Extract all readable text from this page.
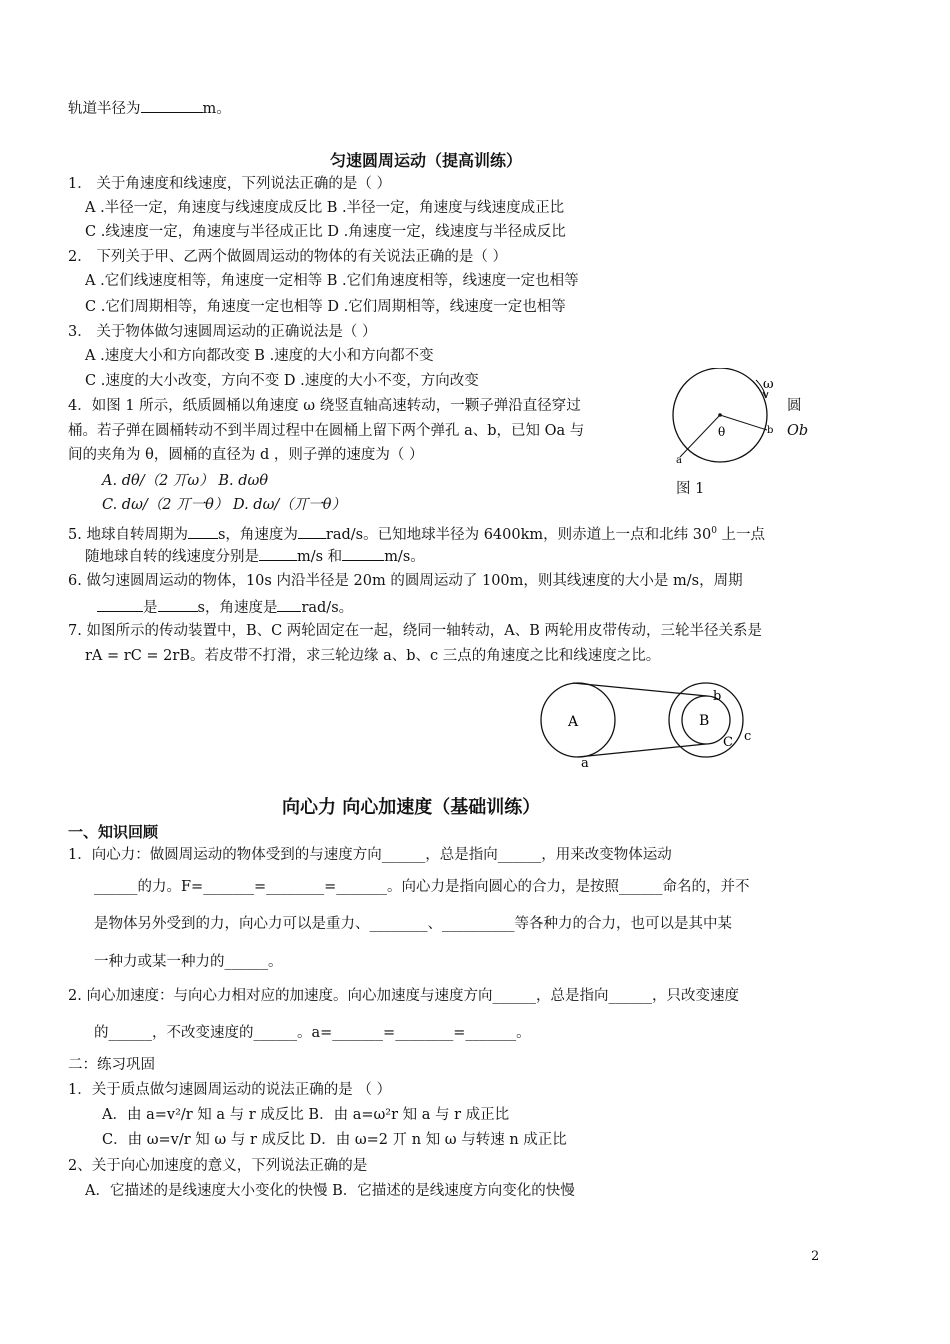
轨道半径为	m。
匀速圆周运动（提高训练）
1． 关于角速度和线速度，下列说法正确的是（ ）
A .半径一定，角速度与线速度成反比 B .半径一定，角速度与线速度成正比
C .线速度一定，角速度与半径成正比 D .角速度一定，线速度与半径成反比
2． 下列关于甲、乙两个做圆周运动的物体的有关说法正确的是（ ）
A .它们线速度相等，角速度一定相等 B .它们角速度相等，线速度一定也相等
C .它们周期相等，角速度一定也相等 D .它们周期相等，线速度一定也相等
3． 关于物体做匀速圆周运动的正确说法是（ ）
A .速度大小和方向都改变 B .速度的大小和方向都不变
C .速度的大小改变，方向不变 D .速度的大小不变，方向改变
4．如图 1 所示，纸质圆桶以角速度 ω 绕竖直轴高速转动，一颗子弹沿直径穿过
桶。若子弹在圆桶转动不到半周过程中在圆桶上留下两个弹孔 a、b，已知 Oa 与
间的夹角为 θ，圆桶的直径为 d ，则子弹的速度为（ ）
A. dθ/（2 丌ω） B. dωθ
C. dω/（2 丌一θ） D. dω/（丌一θ）
圆
Ob
图 1
ω
θ	b
a
5. 地球自转周期为 s，角速度为 rad/s。已知地球半径为 6400km，则赤道上一点和北纬 $30^0$ 上一点
随地球自转的线速度分别是	m/s 和	m/s。
6. 做匀速圆周运动的物体，10s 内沿半径是 20m 的圆周运动了 100m，则其线速度的大小是 m/s，周期
是	s，角速度是 rad/s。
7. 如图所示的传动装置中，B、C 两轮固定在一起，绕同一轴转动，A、B 两轮用皮带传动，三轮半径关系是
rA = rC = 2rB。若皮带不打滑，求三轮边缘 a、b、c 三点的角速度之比和线速度之比。
A	B
C
a
b
c
向心力 向心加速度（基础训练）
一、知识回顾
1．向心力：做圆周运动的物体受到的与速度方向______，总是指向______，用来改变物体运动
______的力。F=_______=________=_______。向心力是指向圆心的合力，是按照______命名的，并不
是物体另外受到的力，向心力可以是重力、________、__________等各种力的合力，也可以是其中某
一种力或某一种力的______。
2. 向心加速度：与向心力相对应的加速度。向心加速度与速度方向______，总是指向______，只改变速度
的______，不改变速度的______。a=_______=________=_______。
二：练习巩固
1．关于质点做匀速圆周运动的说法正确的是 （ ）
A．由 a=v²/r 知 a 与 r 成反比 B．由 a=ω²r 知 a 与 r 成正比
C．由 ω=v/r 知 ω 与 r 成反比 D．由 ω=2 丌 n 知 ω 与转速 n 成正比
2、关于向心加速度的意义，下列说法正确的是
A．它描述的是线速度大小变化的快慢 B．它描述的是线速度方向变化的快慢
2
